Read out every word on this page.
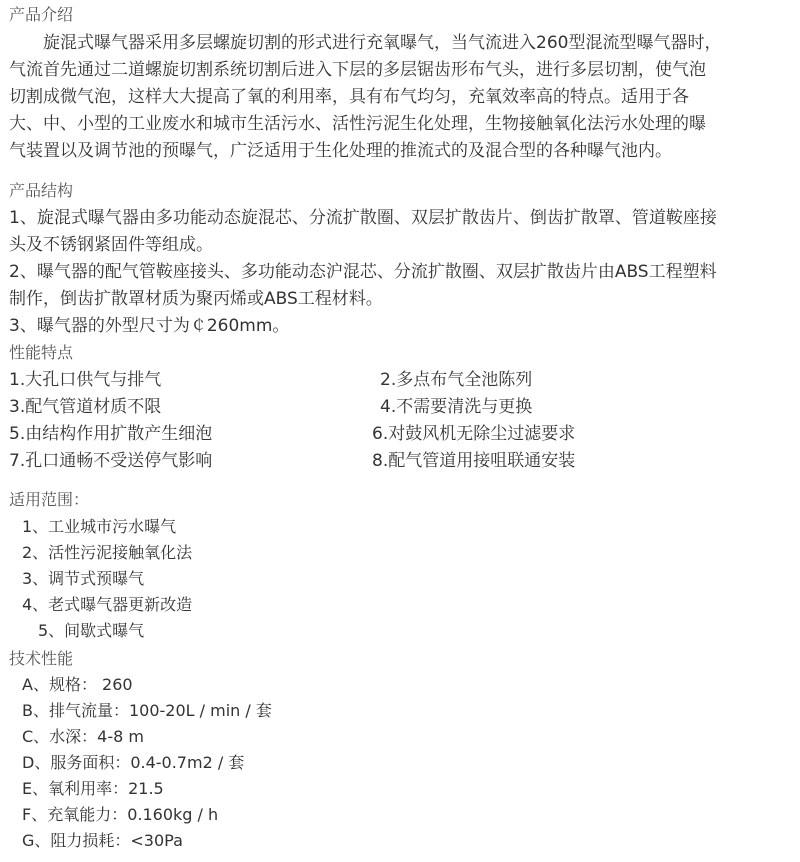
产品介绍
　　旋混式曝气器采用多层螺旋切割的形式进行充氧曝气，当气流进入260型混流型曝气器时，
气流首先通过二道螺旋切割系统切割后进入下层的多层锯齿形布气头，进行多层切割，使气泡
切割成微气泡，这样大大提高了氧的利用率，具有布气均匀，充氧效率高的特点。适用于各
大、中、小型的工业废水和城市生活污水、活性污泥生化处理，生物接触氧化法污水处理的曝
气装置以及调节池的预曝气，广泛适用于生化处理的推流式的及混合型的各种曝气池内。
产品结构
1、旋混式曝气器由多功能动态旋混芯、分流扩散圈、双层扩散齿片、倒齿扩散罩、管道鞍座接
头及不锈钢紧固件等组成。
2、曝气器的配气管鞍座接头、多功能动态沪混芯、分流扩散圈、双层扩散齿片由ABS工程塑料
制作，倒齿扩散罩材质为聚丙烯或ABS工程材料。
3、曝气器的外型尺寸为￠260mm。
性能特点
1.大孔口供气与排气	2.多点布气全池陈列
3.配气管道材质不限	4.不需要清洗与更换
5.由结构作用扩散产生细泡	6.对鼓风机无除尘过滤要求
7.孔口通畅不受送停气影响	8.配气管道用接咀联通安装
适用范围：
1、工业城市污水曝气
2、活性污泥接触氧化法
3、调节式预曝气
4、老式曝气器更新改造
5、间歇式曝气
技术性能
A、规格： 260
B、排气流量：100-20L / min / 套
C、水深：4-8 m
D、服务面积：0.4-0.7m2 / 套
E、氧利用率：21.5
F、充氧能力：0.160kg / h
G、阻力损耗：<30Pa
